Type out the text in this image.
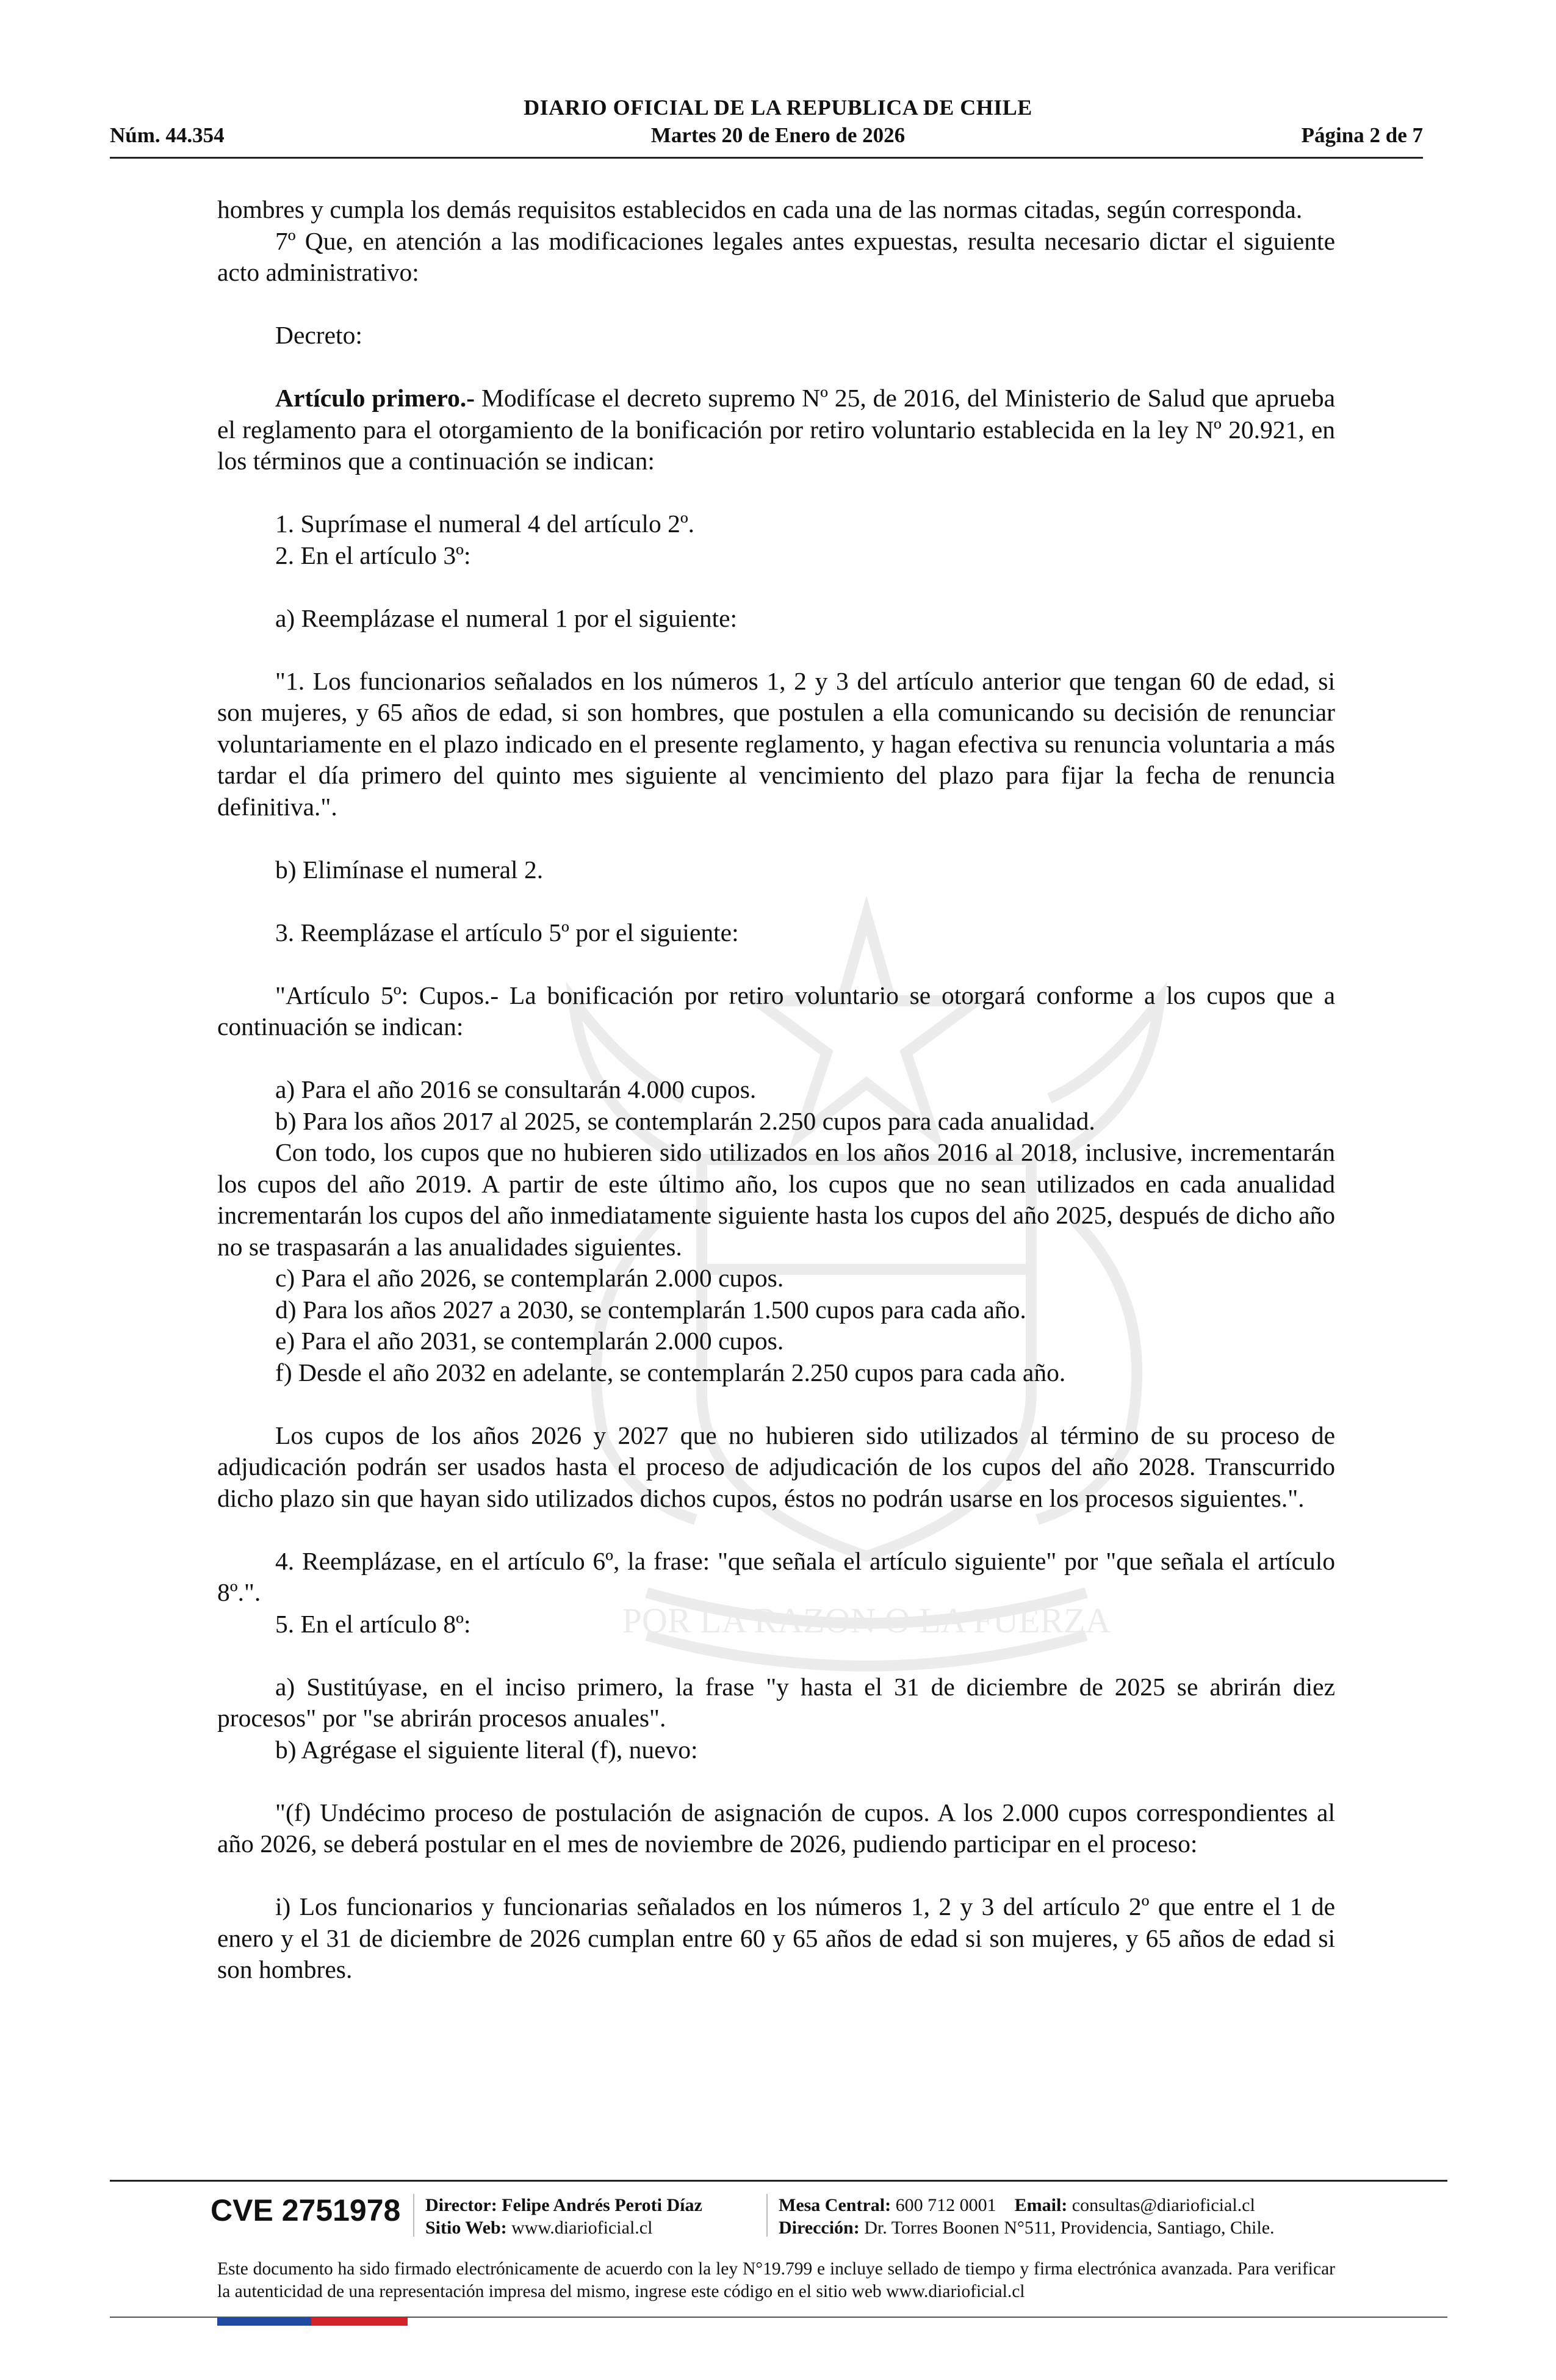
DIARIO OFICIAL DE LA REPUBLICA DE CHILE
Núm. 44.354	Martes 20 de Enero de 2026	Página 2 de 7
POR LA RAZON O LA FUERZA

hombres y cumpla los demás requisitos establecidos en cada una de las normas citadas, según corresponda.

7º Que, en atención a las modificaciones legales antes expuestas, resulta necesario dictar el siguiente acto administrativo:

Decreto:

Artículo primero.- Modifícase el decreto supremo Nº 25, de 2016, del Ministerio de Salud que aprueba el reglamento para el otorgamiento de la bonificación por retiro voluntario establecida en la ley Nº 20.921, en los términos que a continuación se indican:

1. Suprímase el numeral 4 del artículo 2º.

2. En el artículo 3º:

a) Reemplázase el numeral 1 por el siguiente:

"1. Los funcionarios señalados en los números 1, 2 y 3 del artículo anterior que tengan 60 de edad, si son mujeres, y 65 años de edad, si son hombres, que postulen a ella comunicando su decisión de renunciar voluntariamente en el plazo indicado en el presente reglamento, y hagan efectiva su renuncia voluntaria a más tardar el día primero del quinto mes siguiente al vencimiento del plazo para fijar la fecha de renuncia definitiva.".

b) Elimínase el numeral 2.

3. Reemplázase el artículo 5º por el siguiente:

"Artículo 5º: Cupos.- La bonificación por retiro voluntario se otorgará conforme a los cupos que a continuación se indican:

a) Para el año 2016 se consultarán 4.000 cupos.

b) Para los años 2017 al 2025, se contemplarán 2.250 cupos para cada anualidad.

Con todo, los cupos que no hubieren sido utilizados en los años 2016 al 2018, inclusive, incrementarán los cupos del año 2019. A partir de este último año, los cupos que no sean utilizados en cada anualidad incrementarán los cupos del año inmediatamente siguiente hasta los cupos del año 2025, después de dicho año no se traspasarán a las anualidades siguientes.

c) Para el año 2026, se contemplarán 2.000 cupos.

d) Para los años 2027 a 2030, se contemplarán 1.500 cupos para cada año.

e) Para el año 2031, se contemplarán 2.000 cupos.

f) Desde el año 2032 en adelante, se contemplarán 2.250 cupos para cada año.

Los cupos de los años 2026 y 2027 que no hubieren sido utilizados al término de su proceso de adjudicación podrán ser usados hasta el proceso de adjudicación de los cupos del año 2028. Transcurrido dicho plazo sin que hayan sido utilizados dichos cupos, éstos no podrán usarse en los procesos siguientes.".

4. Reemplázase, en el artículo 6º, la frase: "que señala el artículo siguiente" por "que señala el artículo 8º.".

5. En el artículo 8º:

a) Sustitúyase, en el inciso primero, la frase "y hasta el 31 de diciembre de 2025 se abrirán diez procesos" por "se abrirán procesos anuales".

b) Agrégase el siguiente literal (f), nuevo:

"(f) Undécimo proceso de postulación de asignación de cupos. A los 2.000 cupos correspondientes al año 2026, se deberá postular en el mes de noviembre de 2026, pudiendo participar en el proceso:

i) Los funcionarios y funcionarias señalados en los números 1, 2 y 3 del artículo 2º que entre el 1 de enero y el 31 de diciembre de 2026 cumplan entre 60 y 65 años de edad si son mujeres, y 65 años de edad si son hombres.

CVE 2751978 Director: Felipe Andrés Peroti Díaz
Sitio Web: www.diarioficial.cl
Mesa Central: 600 712 0001 Email: consultas@diarioficial.cl
Dirección: Dr. Torres Boonen N°511, Providencia, Santiago, Chile.
Este documento ha sido firmado electrónicamente de acuerdo con la ley N°19.799 e incluye sellado de tiempo y firma electrónica avanzada. Para verificar la autenticidad de una representación impresa del mismo, ingrese este código en el sitio web www.diarioficial.cl
